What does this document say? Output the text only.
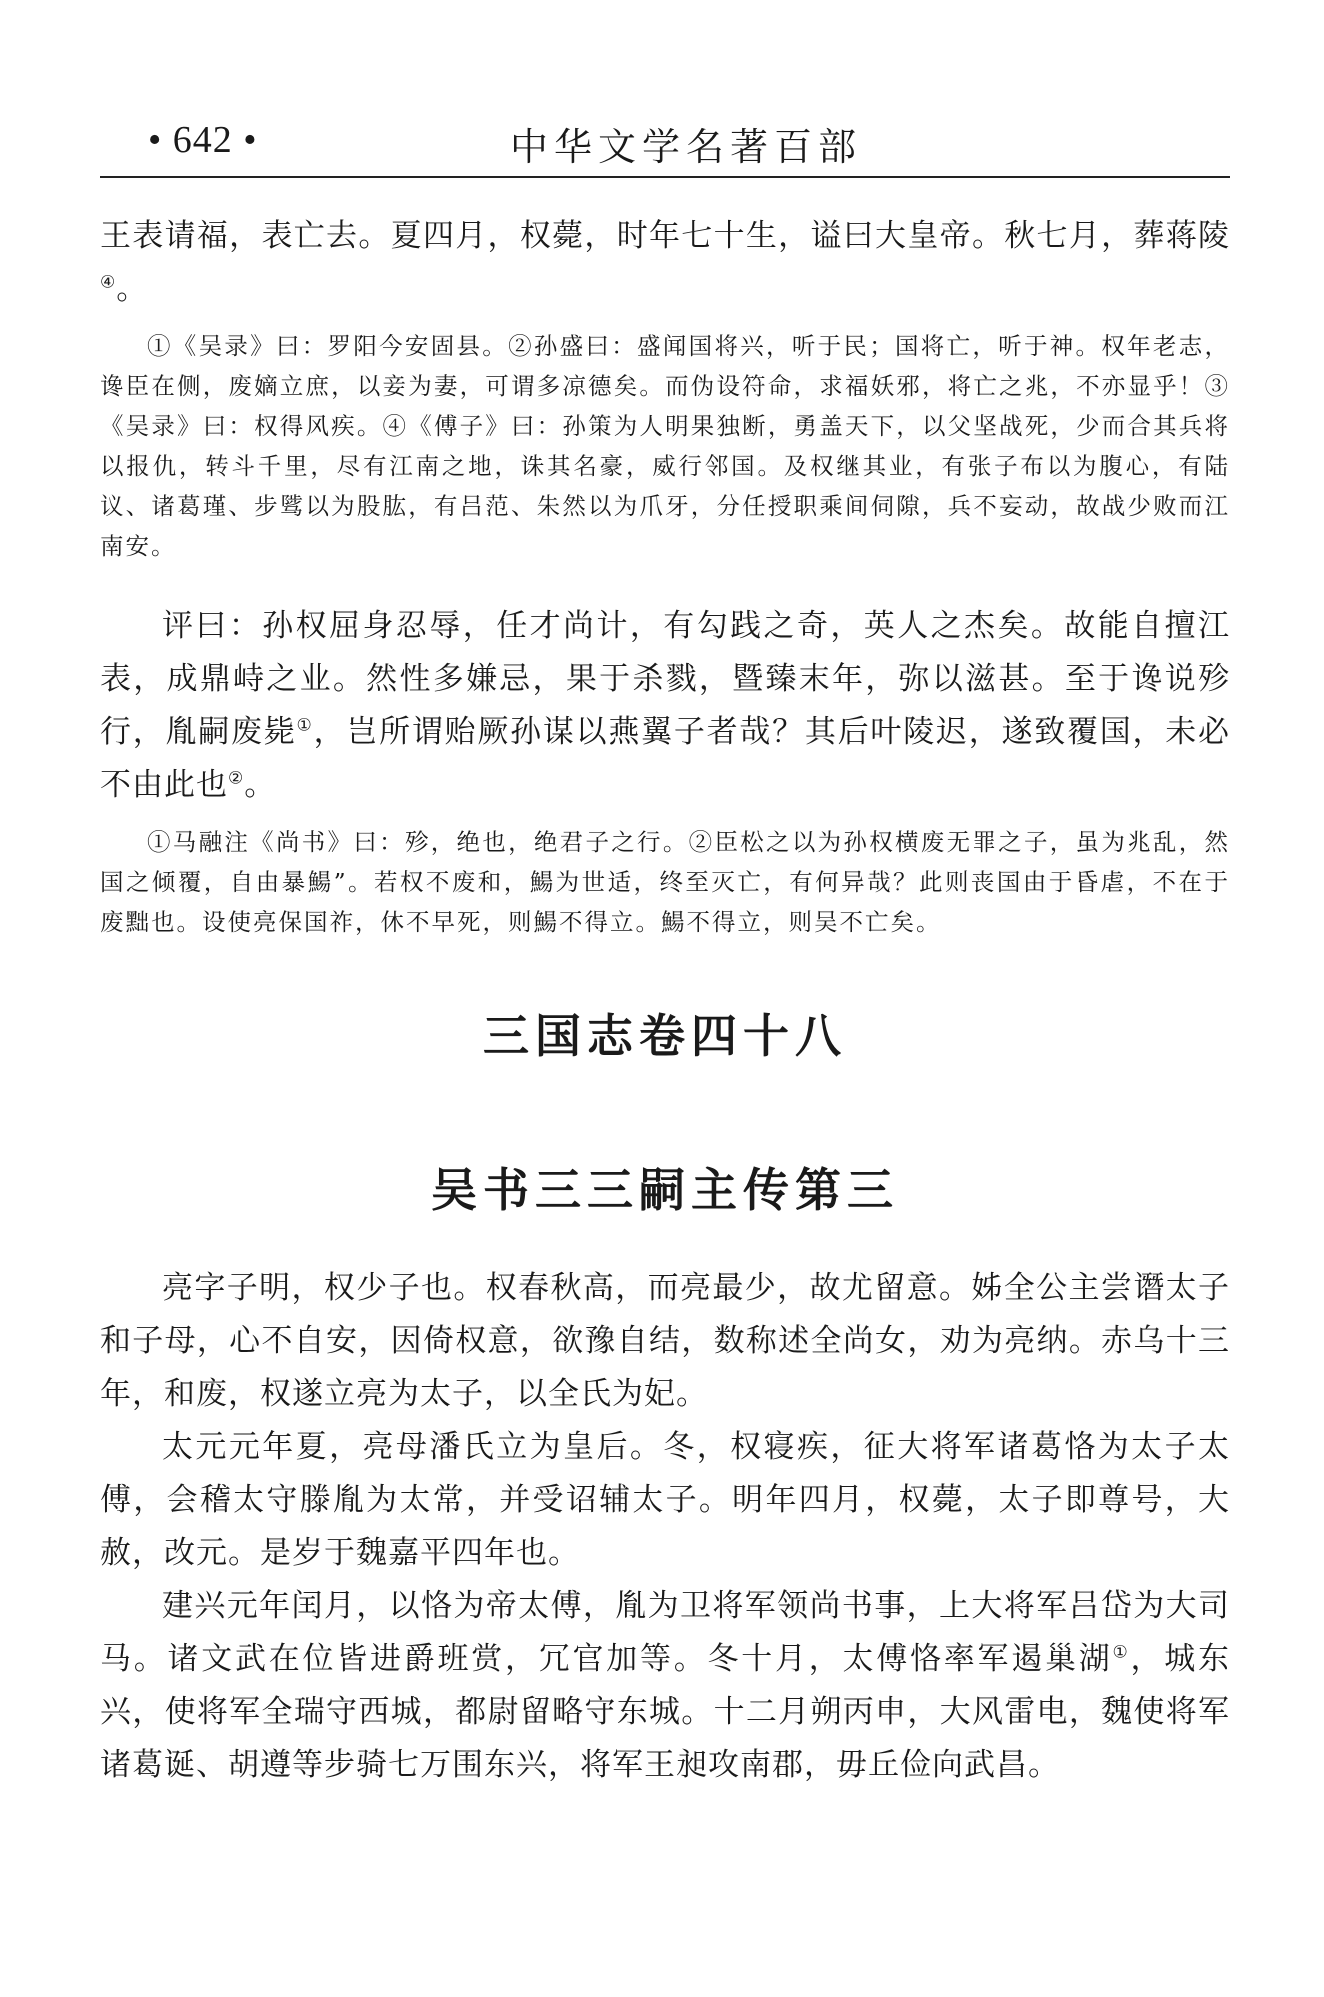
• 642 •	中华文学名著百部

王表请福，表亡去。夏四月，权薨，时年七十生，谥曰大皇帝。秋七月，葬蒋陵④。

①《吴录》曰：罗阳今安固县。②孙盛曰：盛闻国将兴，听于民；国将亡，听于神。权年老志，谗臣在侧，废嫡立庶，以妾为妻，可谓多凉德矣。而伪设符命，求福妖邪，将亡之兆，不亦显乎！③《吴录》曰：权得风疾。④《傅子》曰：孙策为人明果独断，勇盖天下，以父坚战死，少而合其兵将以报仇，转斗千里，尽有江南之地，诛其名豪，威行邻国。及权继其业，有张子布以为腹心，有陆议、诸葛瑾、步骘以为股肱，有吕范、朱然以为爪牙，分任授职乘间伺隙，兵不妄动，故战少败而江南安。

评曰：孙权屈身忍辱，任才尚计，有勾践之奇，英人之杰矣。故能自擅江表，成鼎峙之业。然性多嫌忌，果于杀戮，暨臻末年，弥以滋甚。至于谗说殄行，胤嗣废毙①，岂所谓贻厥孙谋以燕翼子者哉？其后叶陵迟，遂致覆国，未必不由此也②。

①马融注《尚书》曰：殄，绝也，绝君子之行。②臣松之以为孙权横废无罪之子，虽为兆乱，然国之倾覆，自由暴鰑”。若权不废和，鰑为世适，终至灭亡，有何异哉？此则丧国由于昏虐，不在于废黜也。设使亮保国祚，休不早死，则鰑不得立。鰑不得立，则吴不亡矣。

三国志卷四十八
吴书三三嗣主传第三

亮字子明，权少子也。权春秋高，而亮最少，故尤留意。姊全公主尝谮太子和子母，心不自安，因倚权意，欲豫自结，数称述全尚女，劝为亮纳。赤乌十三年，和废，权遂立亮为太子，以全氏为妃。

太元元年夏，亮母潘氏立为皇后。冬，权寝疾，征大将军诸葛恪为太子太傅，会稽太守滕胤为太常，并受诏辅太子。明年四月，权薨，太子即尊号，大赦，改元。是岁于魏嘉平四年也。

建兴元年闰月，以恪为帝太傅，胤为卫将军领尚书事，上大将军吕岱为大司马。诸文武在位皆进爵班赏，冗官加等。冬十月，太傅恪率军遏巢湖①，城东兴，使将军全瑞守西城，都尉留略守东城。十二月朔丙申，大风雷电，魏使将军诸葛诞、胡遵等步骑七万围东兴，将军王昶攻南郡，毋丘俭向武昌。
